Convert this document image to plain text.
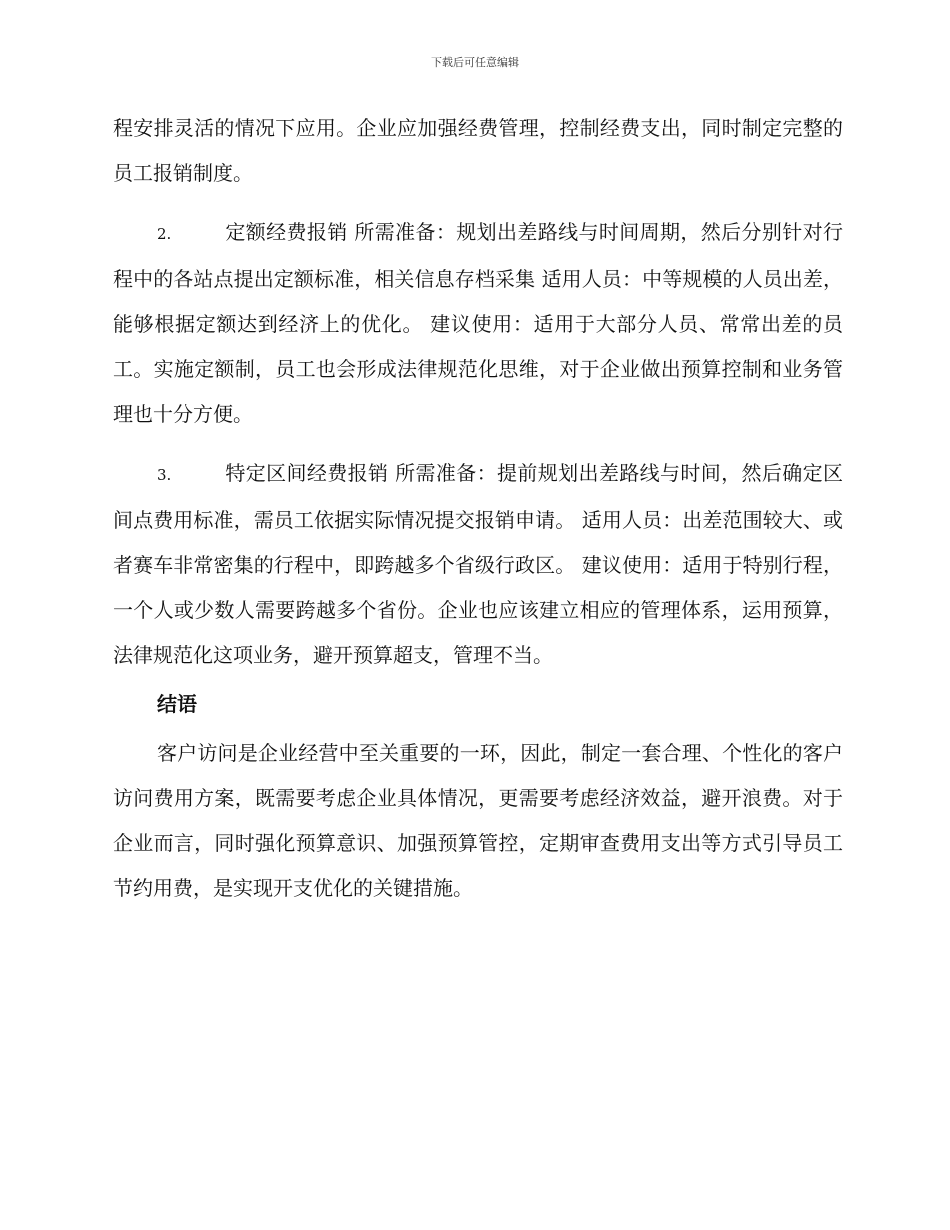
下载后可任意编辑

程安排灵活的情况下应用。企业应加强经费管理，控制经费支出，同时制定完整的员工报销制度。

2.	定额经费报销 所需准备：规划出差路线与时间周期，然后分别针对行程中的各站点提出定额标准，相关信息存档采集 适用人员：中等规模的人员出差，能够根据定额达到经济上的优化。 建议使用：适用于大部分人员、常常出差的员工。实施定额制，员工也会形成法律规范化思维，对于企业做出预算控制和业务管理也十分方便。

3.	特定区间经费报销 所需准备：提前规划出差路线与时间，然后确定区间点费用标准，需员工依据实际情况提交报销申请。 适用人员：出差范围较大、或者赛车非常密集的行程中，即跨越多个省级行政区。 建议使用：适用于特别行程，一个人或少数人需要跨越多个省份。企业也应该建立相应的管理体系，运用预算，法律规范化这项业务，避开预算超支，管理不当。

结语

客户访问是企业经营中至关重要的一环，因此，制定一套合理、个性化的客户访问费用方案，既需要考虑企业具体情况，更需要考虑经济效益，避开浪费。对于企业而言，同时强化预算意识、加强预算管控，定期审查费用支出等方式引导员工节约用费，是实现开支优化的关键措施。
